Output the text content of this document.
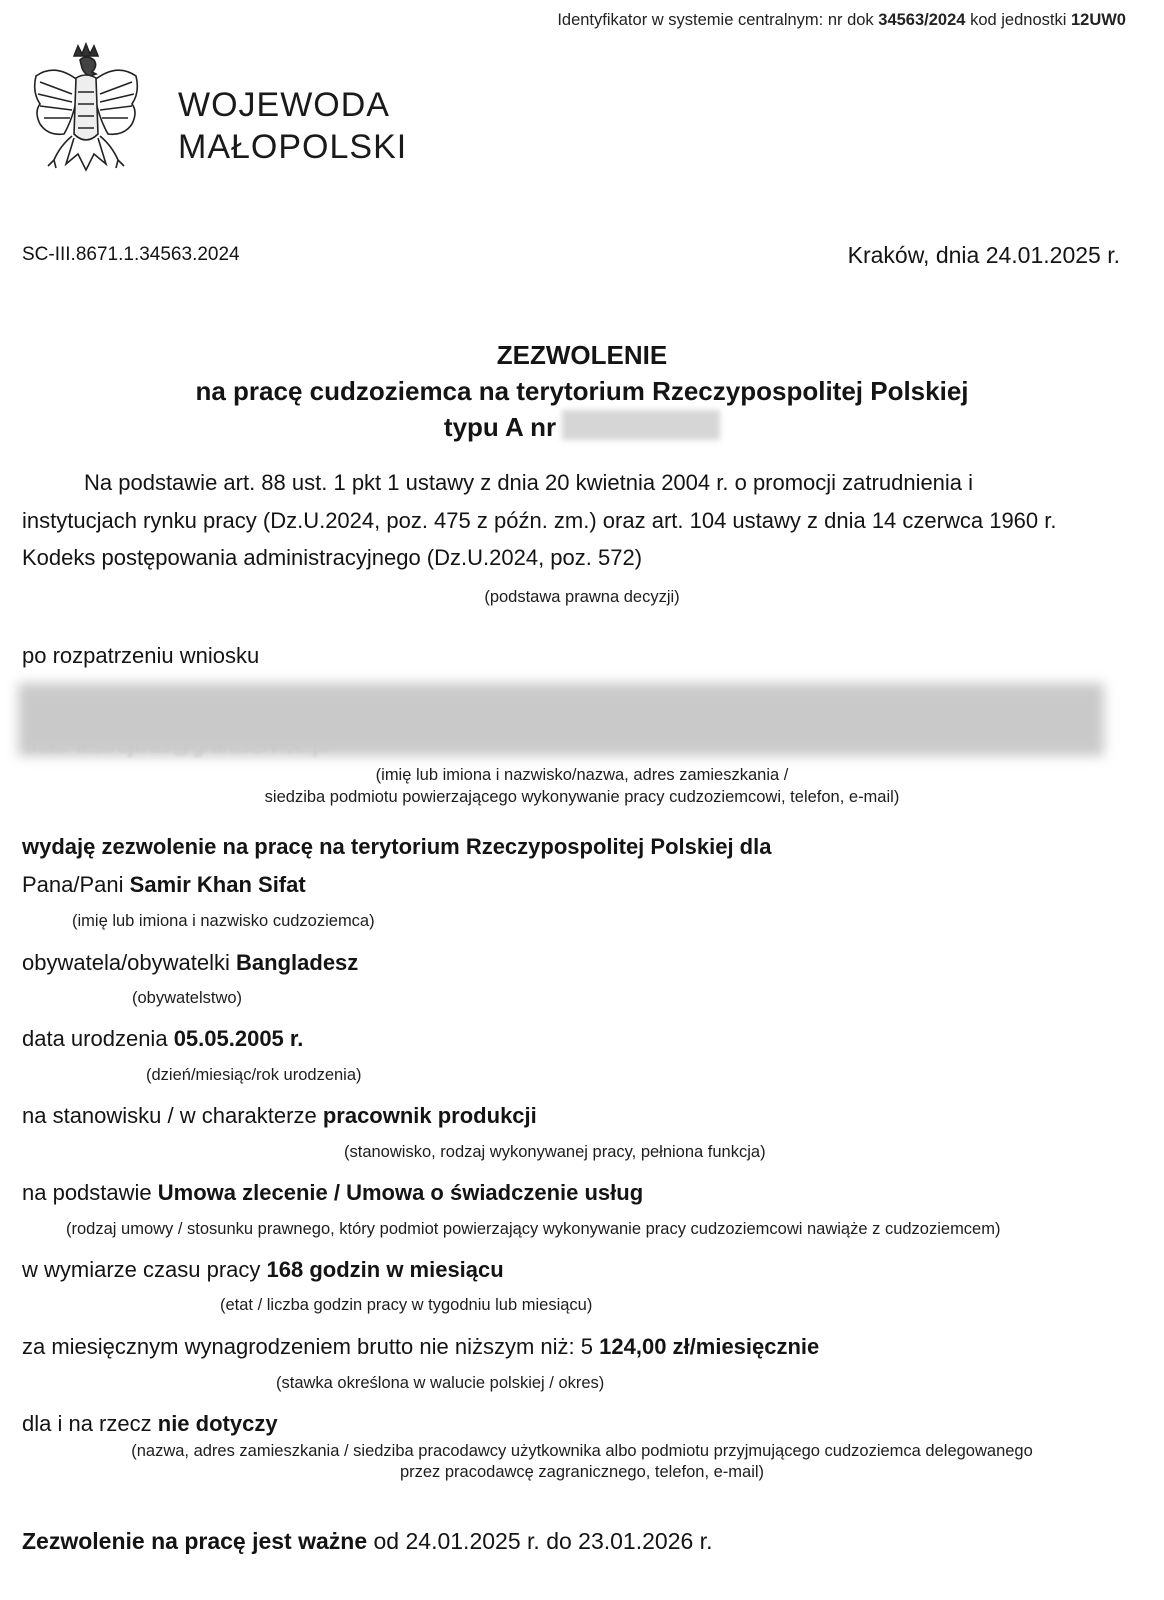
Identyfikator w systemie centralnym: nr dok 34563/2024 kod jednostki 12UW0
WOJEWODA
MAŁOPOLSKI
SC-III.8671.1.34563.2024	Kraków, dnia 24.01.2025 r.
ZEZWOLENIE
na pracę cudzoziemca na terytorium Rzeczypospolitej Polskiej
typu A nr
Na podstawie art. 88 ust. 1 pkt 1 ustawy z dnia 20 kwietnia 2004 r. o promocji zatrudnienia i
instytucjach rynku pracy (Dz.U.2024, poz. 475 z późn. zm.) oraz art. 104 ustawy z dnia 14 czerwca 1960 r.
Kodeks postępowania administracyjnego (Dz.U.2024, poz. 572)
(podstawa prawna decyzji)
po rozpatrzeniu wniosku
(imię lub imiona i nazwisko/nazwa, adres zamieszkania /
siedziba podmiotu powierzającego wykonywanie pracy cudzoziemcowi, telefon, e-mail)
wydaję zezwolenie na pracę na terytorium Rzeczypospolitej Polskiej dla
Pana/Pani Samir Khan Sifat
(imię lub imiona i nazwisko cudzoziemca)
obywatela/obywatelki Bangladesz
(obywatelstwo)
data urodzenia 05.05.2005 r.
(dzień/miesiąc/rok urodzenia)
na stanowisku / w charakterze pracownik produkcji
(stanowisko, rodzaj wykonywanej pracy, pełniona funkcja)
na podstawie Umowa zlecenie / Umowa o świadczenie usług
(rodzaj umowy / stosunku prawnego, który podmiot powierzający wykonywanie pracy cudzoziemcowi nawiąże z cudzoziemcem)
w wymiarze czasu pracy 168 godzin w miesiącu
(etat / liczba godzin pracy w tygodniu lub miesiącu)
za miesięcznym wynagrodzeniem brutto nie niższym niż: 5 124,00 zł/miesięcznie
(stawka określona w walucie polskiej / okres)
dla i na rzecz nie dotyczy
(nazwa, adres zamieszkania / siedziba pracodawcy użytkownika albo podmiotu przyjmującego cudzoziemca delegowanego
przez pracodawcę zagranicznego, telefon, e-mail)
Zezwolenie na pracę jest ważne od 24.01.2025 r. do 23.01.2026 r.
